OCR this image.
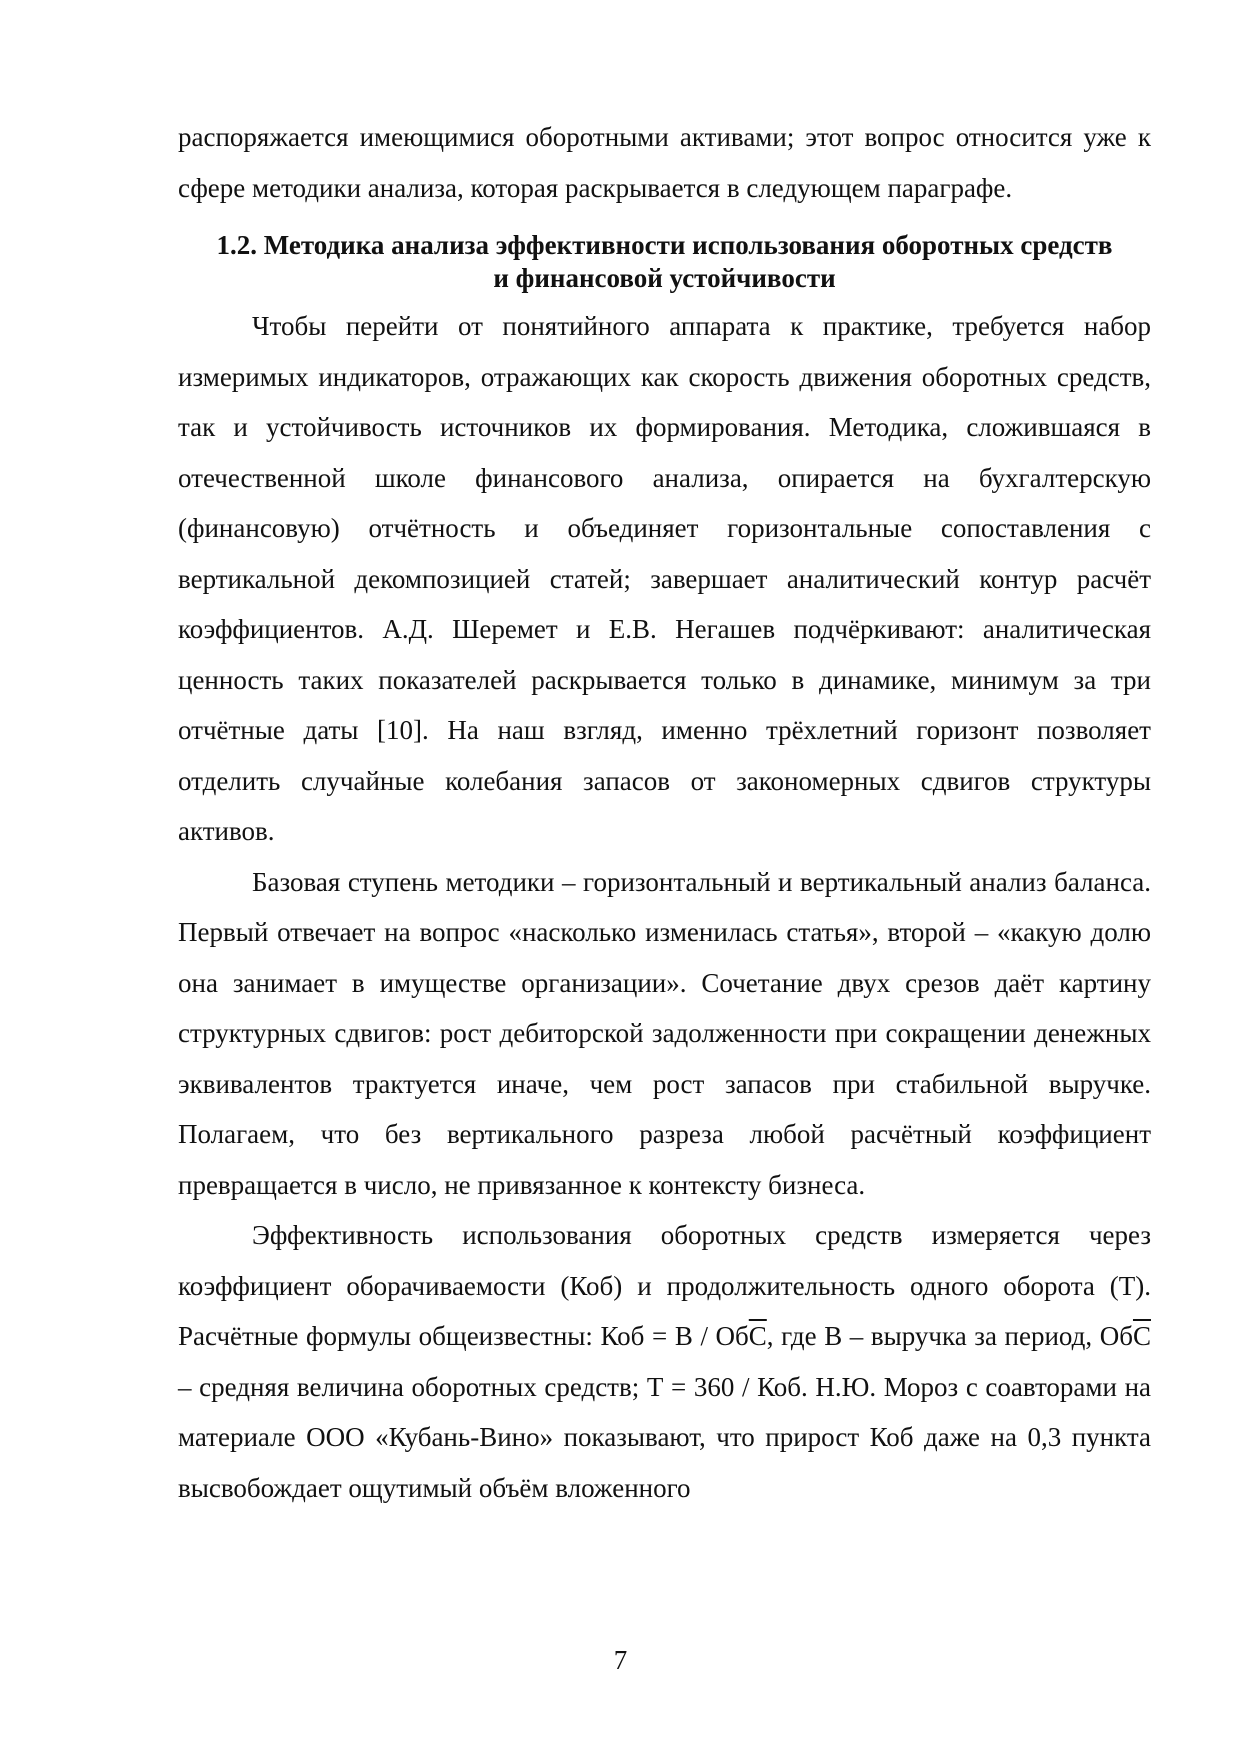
распоряжается имеющимися оборотными активами; этот вопрос относится уже к сфере методики анализа, которая раскрывается в следующем параграфе.

1.2. Методика анализа эффективности использования оборотных средств
и финансовой устойчивости

Чтобы перейти от понятийного аппарата к практике, требуется набор измеримых индикаторов, отражающих как скорость движения оборотных средств, так и устойчивость источников их формирования. Методика, сложившаяся в отечественной школе финансового анализа, опирается на бухгалтерскую (финансовую) отчётность и объединяет горизонтальные сопоставления с вертикальной декомпозицией статей; завершает аналитический контур расчёт коэффициентов. А.Д. Шеремет и Е.В. Негашев подчёркивают: аналитическая ценность таких показателей раскрывается только в динамике, минимум за три отчётные даты [10]. На наш взгляд, именно трёхлетний горизонт позволяет отделить случайные колебания запасов от закономерных сдвигов структуры активов.

Базовая ступень методики – горизонтальный и вертикальный анализ баланса. Первый отвечает на вопрос «насколько изменилась статья», второй – «какую долю она занимает в имуществе организации». Сочетание двух срезов даёт картину структурных сдвигов: рост дебиторской задолженности при сокращении денежных эквивалентов трактуется иначе, чем рост запасов при стабильной выручке. Полагаем, что без вертикального разреза любой расчётный коэффициент превращается в число, не привязанное к контексту бизнеса.

Эффективность использования оборотных средств измеряется через коэффициент оборачиваемости (Коб) и продолжительность одного оборота (Т). Расчётные формулы общеизвестны: Коб = В / ОбС, где В – выручка за период, ОбС – средняя величина оборотных средств; Т = 360 / Коб. Н.Ю. Мороз с соавторами на материале ООО «Кубань-Вино» показывают, что прирост Коб даже на 0,3 пункта высвобождает ощутимый объём вложенного

7
